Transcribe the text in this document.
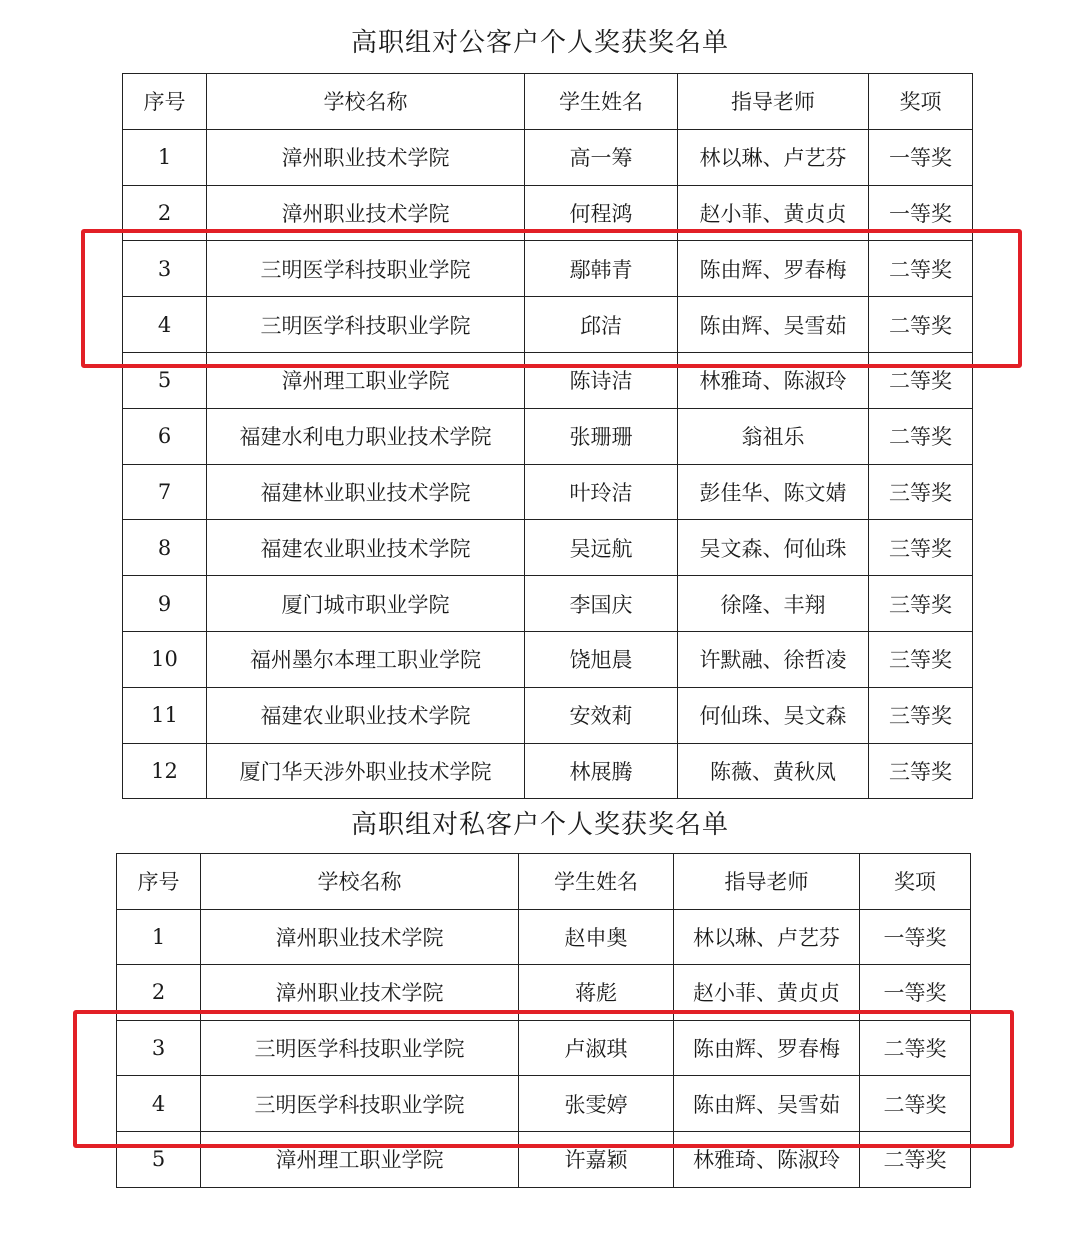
高职组对公客户个人奖获奖名单
序号	学校名称	学生姓名	指导老师	奖项
1	漳州职业技术学院	高一筹	林以琳、卢艺芬	一等奖
2	漳州职业技术学院	何程鸿	赵小菲、黄贞贞	一等奖
3	三明医学科技职业学院	鄢韩青	陈由辉、罗春梅	二等奖
4	三明医学科技职业学院	邱洁	陈由辉、吴雪茹	二等奖
5	漳州理工职业学院	陈诗洁	林雅琦、陈淑玲	二等奖
6	福建水利电力职业技术学院	张珊珊	翁祖乐	二等奖
7	福建林业职业技术学院	叶玲洁	彭佳华、陈文婧	三等奖
8	福建农业职业技术学院	吴远航	吴文森、何仙珠	三等奖
9	厦门城市职业学院	李国庆	徐隆、丰翔	三等奖
10	福州墨尔本理工职业学院	饶旭晨	许默融、徐哲凌	三等奖
11	福建农业职业技术学院	安效莉	何仙珠、吴文森	三等奖
12	厦门华天涉外职业技术学院	林展腾	陈薇、黄秋凤	三等奖
高职组对私客户个人奖获奖名单
序号	学校名称	学生姓名	指导老师	奖项
1	漳州职业技术学院	赵申奥	林以琳、卢艺芬	一等奖
2	漳州职业技术学院	蒋彪	赵小菲、黄贞贞	一等奖
3	三明医学科技职业学院	卢淑琪	陈由辉、罗春梅	二等奖
4	三明医学科技职业学院	张雯婷	陈由辉、吴雪茹	二等奖
5	漳州理工职业学院	许嘉颖	林雅琦、陈淑玲	二等奖
